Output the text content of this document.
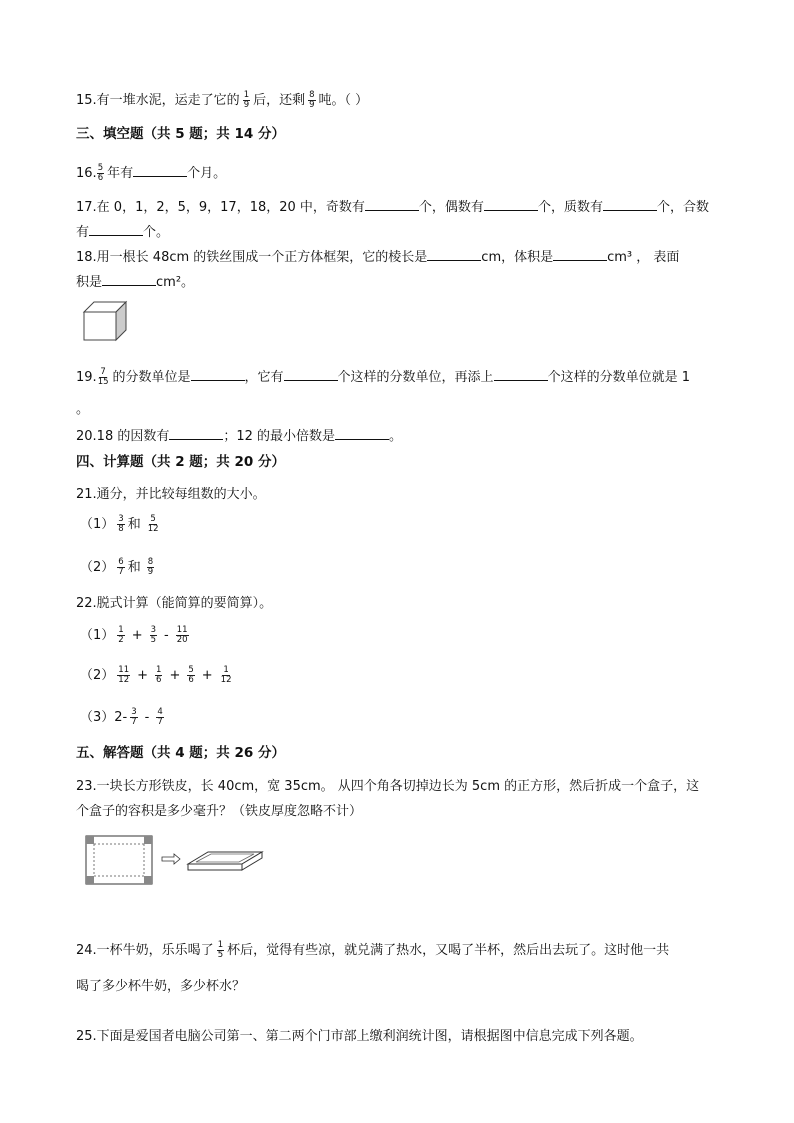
15.有一堆水泥，运走了它的 $\frac{1}{9}$ 后，还剩 $\frac{8}{9}$ 吨。（ ）
三、填空题（共 5 题；共 14 分）
16. $\frac{5}{6}$ 年有	个月。
17.在 0，1，2，5，9，17，18，20 中，奇数有	个，偶数有	个，质数有	个，合数
有	个。
18.用一根长 48cm 的铁丝围成一个正方体框架，它的棱长是	cm，体积是	cm³ ， 表面
积是	cm²。
19. $\frac{7}{15}$ 的分数单位是	，它有	个这样的分数单位，再添上	个这样的分数单位就是 1
。
20.18 的因数有	；12 的最小倍数是	。
四、计算题（共 2 题；共 20 分）
21.通分，并比较每组数的大小。
$(1) \frac{3}{8}$ 和 $\frac{5}{12}$
$(2) \frac{6}{7}$ 和 $\frac{8}{9}$
22.脱式计算（能简算的要简算）。
$(1) \frac{1}{2} + \frac{3}{5} - \frac{11}{20}$
$(2) \frac{11}{12} + \frac{1}{6} + \frac{5}{6} + \frac{1}{12}$
$(3)2- \frac{3}{7} - \frac{4}{7}$
五、解答题（共 4 题；共 26 分）
23.一块长方形铁皮，长 40cm，宽 35cm。 从四个角各切掉边长为 5cm 的正方形，然后折成一个盒子，这
个盒子的容积是多少毫升？（铁皮厚度忽略不计）
24.一杯牛奶，乐乐喝了 $\frac{1}{5}$ 杯后，觉得有些凉，就兑满了热水，又喝了半杯，然后出去玩了。这时他一共
喝了多少杯牛奶，多少杯水？
25.下面是爱国者电脑公司第一、第二两个门市部上缴利润统计图，请根据图中信息完成下列各题。
